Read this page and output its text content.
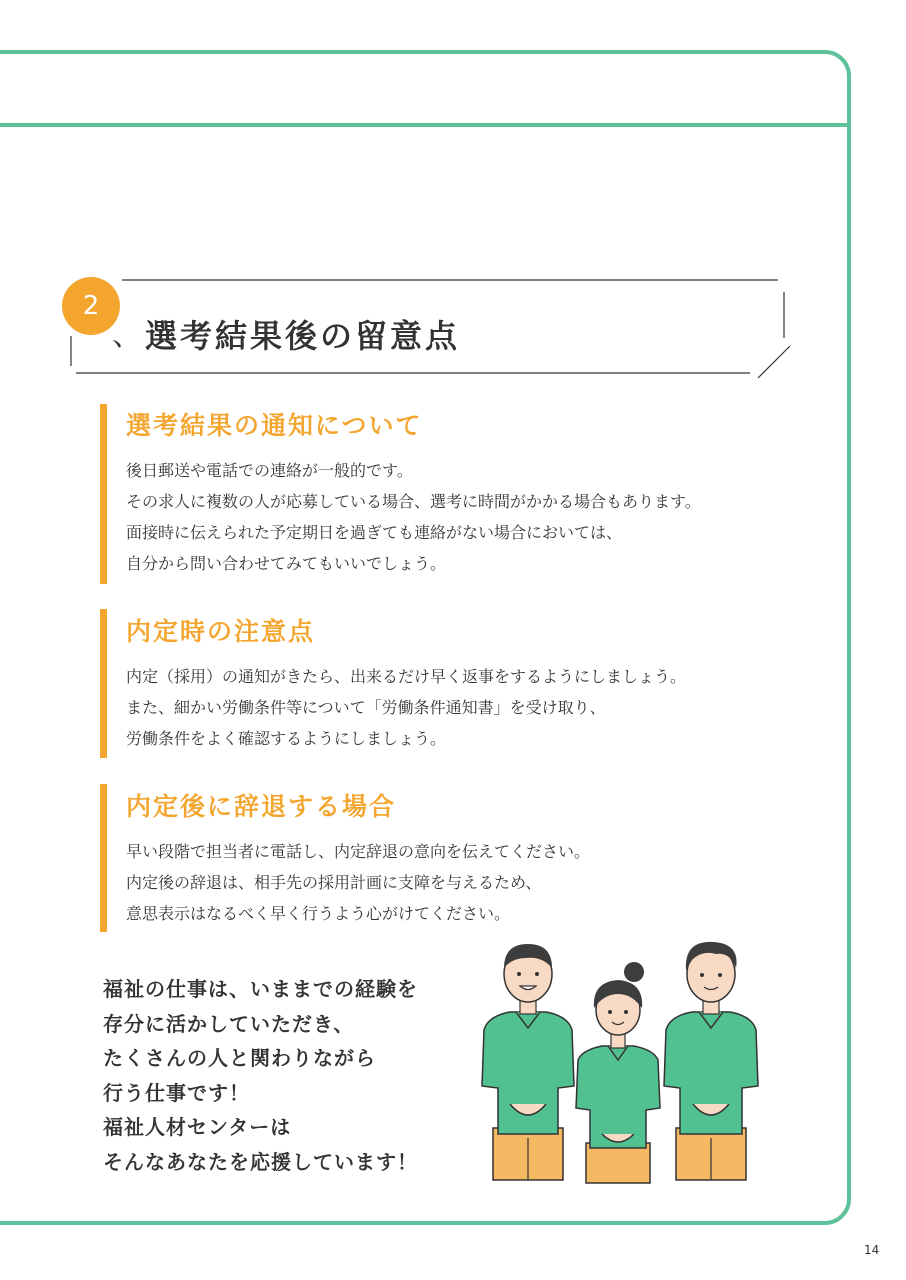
2
、 選考結果後の留意点
選考結果の通知について
後日郵送や電話での連絡が一般的です。
その求人に複数の人が応募している場合、選考に時間がかかる場合もあります。
面接時に伝えられた予定期日を過ぎても連絡がない場合においては、
自分から問い合わせてみてもいいでしょう。
内定時の注意点
内定（採用）の通知がきたら、出来るだけ早く返事をするようにしましょう。
また、細かい労働条件等について「労働条件通知書」を受け取り、
労働条件をよく確認するようにしましょう。
内定後に辞退する場合
早い段階で担当者に電話し、内定辞退の意向を伝えてください。
内定後の辞退は、相手先の採用計画に支障を与えるため、
意思表示はなるべく早く行うよう心がけてください。
福祉の仕事は、いままでの経験を
存分に活かしていただき、
たくさんの人と関わりながら
行う仕事です！
福祉人材センターは
そんなあなたを応援しています！
14
